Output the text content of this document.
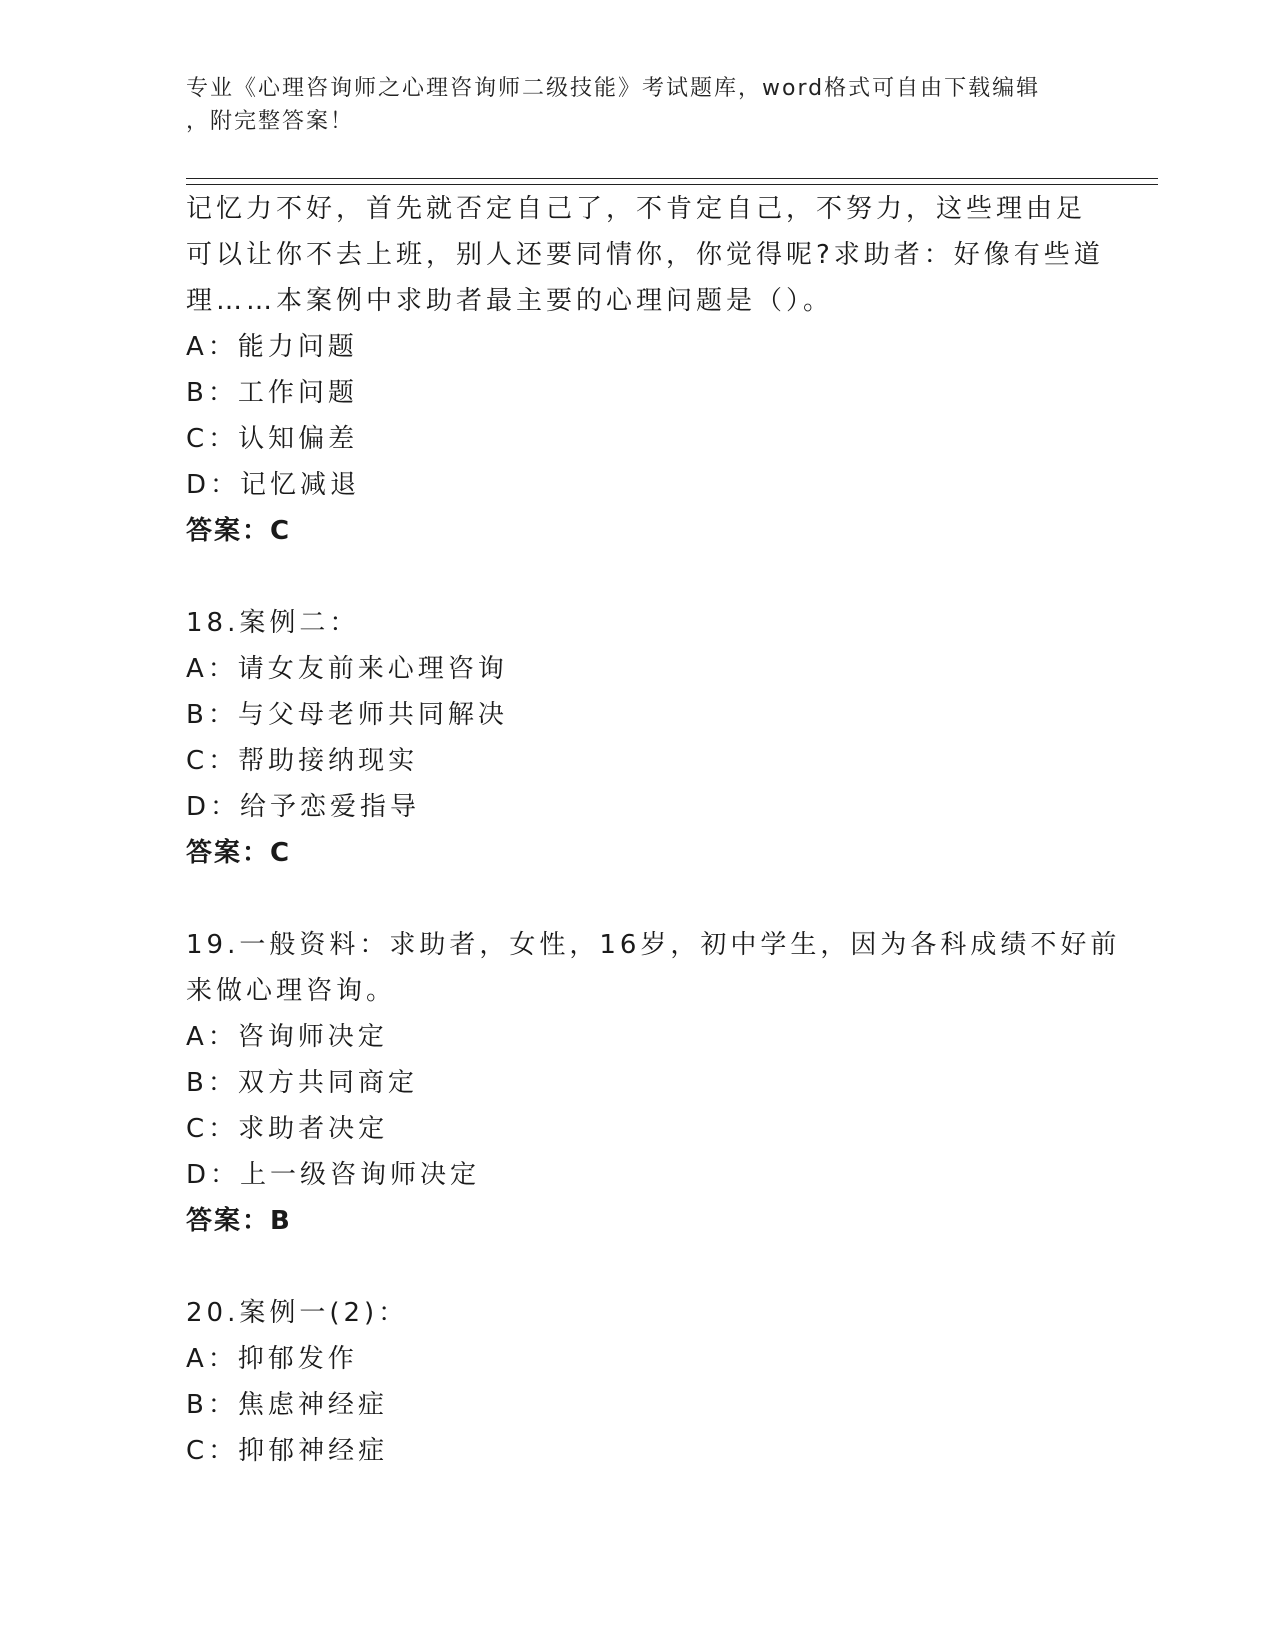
专业《心理咨询师之心理咨询师二级技能》考试题库，word格式可自由下载编辑
，附完整答案！
记忆力不好，首先就否定自己了，不肯定自己，不努力，这些理由足
可以让你不去上班，别人还要同情你，你觉得呢?求助者：好像有些道
理……本案例中求助者最主要的心理问题是（）。
A：能力问题
B：工作问题
C：认知偏差
D：记忆减退
答案：C
18.案例二：
A：请女友前来心理咨询
B：与父母老师共同解决
C：帮助接纳现实
D：给予恋爱指导
答案：C
19.一般资料：求助者，女性，16岁，初中学生，因为各科成绩不好前
来做心理咨询。
A：咨询师决定
B：双方共同商定
C：求助者决定
D：上一级咨询师决定
答案：B
20.案例一(2)：
A：抑郁发作
B：焦虑神经症
C：抑郁神经症
